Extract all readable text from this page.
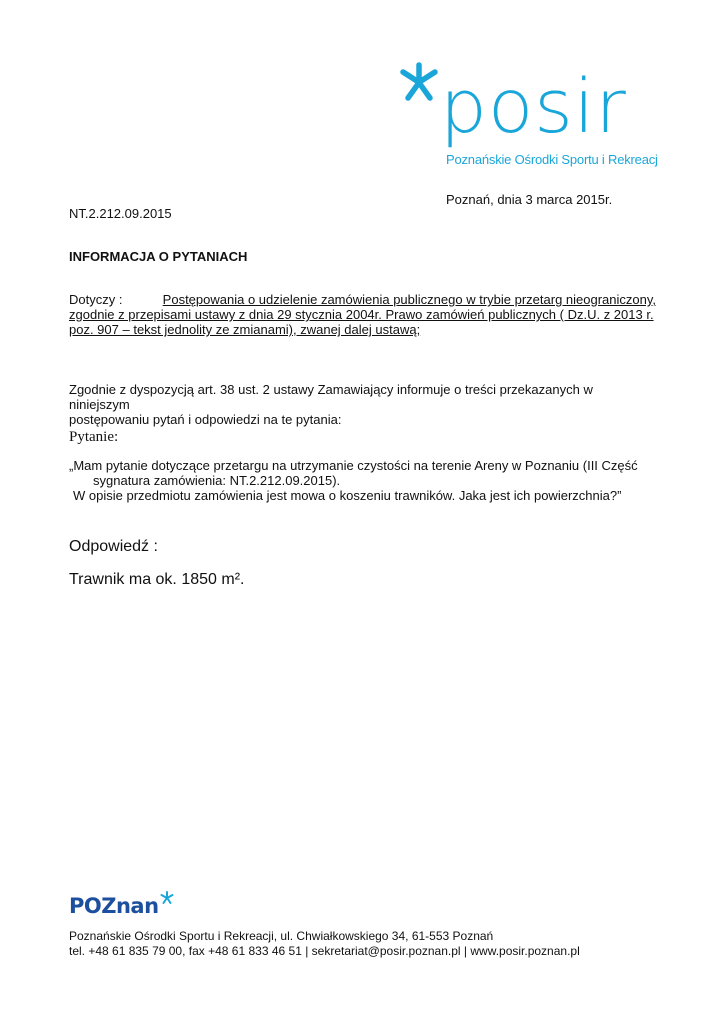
posir
Poznańskie Ośrodki Sportu i Rekreacj
Poznań, dnia 3 marca 2015r.
NT.2.212.09.2015
INFORMACJA O PYTANIACH
Dotyczy :	Postępowania o udzielenie zamówienia publicznego w trybie przetarg nieograniczony,
zgodnie z przepisami ustawy z dnia 29 stycznia 2004r. Prawo zamówień publicznych ( Dz.U. z 2013 r.
poz. 907 – tekst jednolity ze zmianami), zwanej dalej ustawą;
Zgodnie z dyspozycją art. 38 ust. 2 ustawy Zamawiający informuje o treści przekazanych w niniejszym
postępowaniu pytań i odpowiedzi na te pytania:
Pytanie:
„Mam pytanie dotyczące przetargu na utrzymanie czystości na terenie Areny w Poznaniu (III Część
sygnatura zamówienia: NT.2.212.09.2015).
W opisie przedmiotu zamówienia jest mowa o koszeniu trawników. Jaka jest ich powierzchnia?”
Odpowiedź :
Trawnik ma ok. 1850 m².
POZnan
Poznańskie Ośrodki Sportu i Rekreacji, ul. Chwiałkowskiego 34, 61-553 Poznań
tel. +48 61 835 79 00, fax +48 61 833 46 51 | sekretariat@posir.poznan.pl | www.posir.poznan.pl
